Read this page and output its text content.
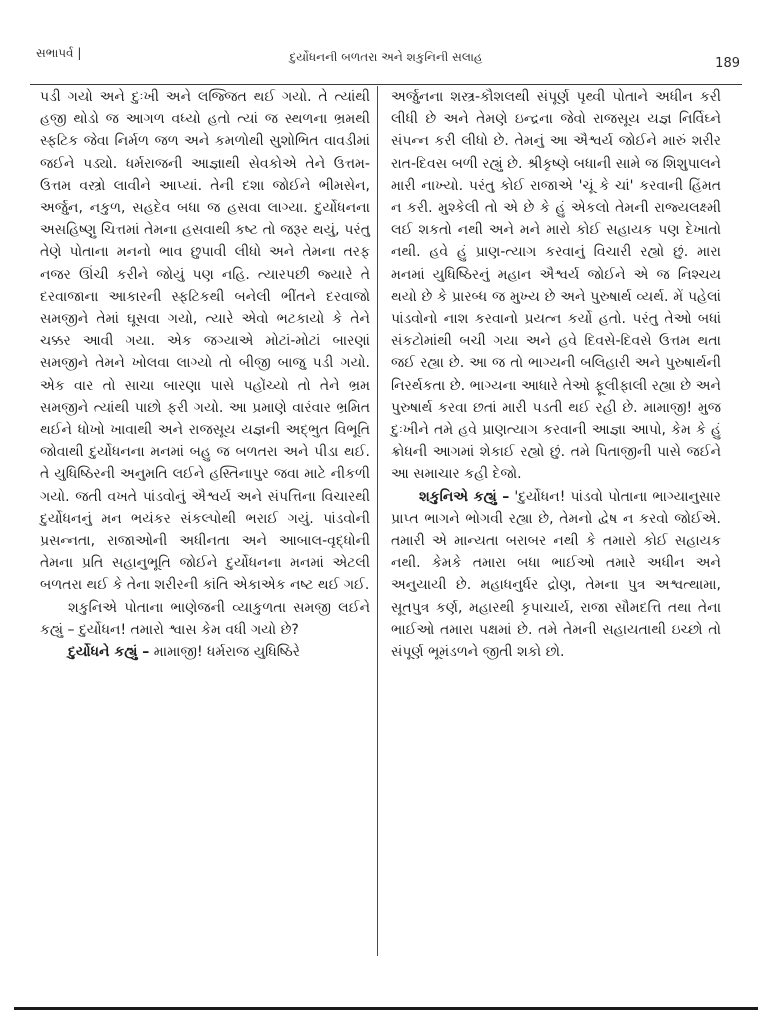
સભાપર્વ |	દુર્યોધનની બળતરા અને શકુનિની સલાહ	189

પડી ગયો અને દુઃખી અને લજ્જિત થઈ ગયો. તે ત્યાંથી હજી થોડો જ આગળ વધ્યો હતો ત્યાં જ સ્થળના ભ્રમથી સ્ફટિક જેવા નિર્મળ જળ અને કમળોથી સુશોભિત વાવડીમાં જઈને પડ્યો. ધર્મરાજની આજ્ઞાથી સેવકોએ તેને ઉત્તમ-ઉત્તમ વસ્ત્રો લાવીને આપ્યાં. તેની દશા જોઈને ભીમસેન, અર્જુન, નકુળ, સહદેવ બધા જ હસવા લાગ્યા. દુર્યોધનના અસહિષ્ણુ ચિત્તમાં તેમના હસવાથી કષ્ટ તો જરૂર થયું, પરંતુ તેણે પોતાના મનનો ભાવ છુપાવી લીધો અને તેમના તરફ નજર ઊંચી કરીને જોયું પણ નહિ. ત્યારપછી જ્યારે તે દરવાજાના આકારની સ્ફટિકથી બનેલી ભીંતને દરવાજો સમજીને તેમાં ઘૂસવા ગયો, ત્યારે એવો ભટકાયો કે તેને ચક્કર આવી ગયા. એક જગ્યાએ મોટાં-મોટાં બારણાં સમજીને તેમને ખોલવા લાગ્યો તો બીજી બાજુ પડી ગયો. એક વાર તો સાચા બારણા પાસે પહોંચ્યો તો તેને ભ્રમ સમજીને ત્યાંથી પાછો ફરી ગયો. આ પ્રમાણે વારંવાર ભ્રમિત થઈને ધોખો ખાવાથી અને રાજસૂય યજ્ઞની અદ્ભુત વિભૂતિ જોવાથી દુર્યોધનના મનમાં બહુ જ બળતરા અને પીડા થઈ. તે યુધિષ્ઠિરની અનુમતિ લઈને હસ્તિનાપુર જવા માટે નીકળી ગયો. જતી વખતે પાંડવોનું ઐશ્વર્ય અને સંપત્તિના વિચારથી દુર્યોધનનું મન ભયંકર સંકલ્પોથી ભરાઈ ગયું. પાંડવોની પ્રસન્નતા, રાજાઓની અધીનતા અને આબાલ-વૃદ્ધોની તેમના પ્રતિ સહાનુભૂતિ જોઈને દુર્યોધનના મનમાં એટલી બળતરા થઈ કે તેના શરીરની કાંતિ એકાએક નષ્ટ થઈ ગઈ.

શકુનિએ પોતાના ભાણેજની વ્યાકુળતા સમજી લઈને કહ્યું – દુર્યોધન! તમારો શ્વાસ કેમ વધી ગયો છે?

દુર્યોધને કહ્યું – મામાજી! ધર્મરાજ યુધિષ્ઠિરે

અર્જુનના શસ્ત્ર-કૌશલથી સંપૂર્ણ પૃથ્વી પોતાને અધીન કરી લીધી છે અને તેમણે ઇન્દ્રના જેવો રાજસૂય યજ્ઞ નિર્વિઘ્ને સંપન્ન કરી લીધો છે. તેમનું આ ઐશ્વર્ય જોઈને મારું શરીર રાત-દિવસ બળી રહ્યું છે. શ્રીકૃષ્ણે બધાની સામે જ શિશુપાલને મારી નાખ્યો. પરંતુ કોઈ રાજાએ 'ચૂં કે ચાં' કરવાની હિંમત ન કરી. મુશ્કેલી તો એ છે કે હું એકલો તેમની રાજ્યલક્ષ્મી લઈ શકતો નથી અને મને મારો કોઈ સહાયક પણ દેખાતો નથી. હવે હું પ્રાણ-ત્યાગ કરવાનું વિચારી રહ્યો છું. મારા મનમાં યુધિષ્ઠિરનું મહાન ઐશ્વર્ય જોઈને એ જ નિશ્ચય થયો છે કે પ્રારબ્ધ જ મુખ્ય છે અને પુરુષાર્થ વ્યર્થ. મેં પહેલાં પાંડવોનો નાશ કરવાનો પ્રયત્ન કર્યો હતો. પરંતુ તેઓ બધાં સંકટોમાંથી બચી ગયા અને હવે દિવસે-દિવસે ઉત્તમ થતા જઈ રહ્યા છે. આ જ તો ભાગ્યની બલિહારી અને પુરુષાર્થની નિરર્થકતા છે. ભાગ્યના આધારે તેઓ ફૂલીફાલી રહ્યા છે અને પુરુષાર્થ કરવા છતાં મારી પડતી થઈ રહી છે. મામાજી! મુજ દુઃખીને તમે હવે પ્રાણત્યાગ કરવાની આજ્ઞા આપો, કેમ કે હું ક્રોધની આગમાં શેકાઈ રહ્યો છું. તમે પિતાજીની પાસે જઈને આ સમાચાર કહી દેજો.

શકુનિએ કહ્યું – 'દુર્યોધન! પાંડવો પોતાના ભાગ્યાનુસાર પ્રાપ્ત ભાગને ભોગવી રહ્યા છે, તેમનો દ્વેષ ન કરવો જોઈએ. તમારી એ માન્યતા બરાબર નથી કે તમારો કોઈ સહાયક નથી. કેમકે તમારા બધા ભાઈઓ તમારે અધીન અને અનુયાયી છે. મહાધનુર્ધર દ્રોણ, તેમના પુત્ર અશ્વત્થામા, સૂતપુત્ર કર્ણ, મહારથી કૃપાચાર્ય, રાજા સૌમદત્તિ તથા તેના ભાઈઓ તમારા પક્ષમાં છે. તમે તેમની સહાયતાથી ઇચ્છો તો સંપૂર્ણ ભૂમંડળને જીતી શકો છો.
